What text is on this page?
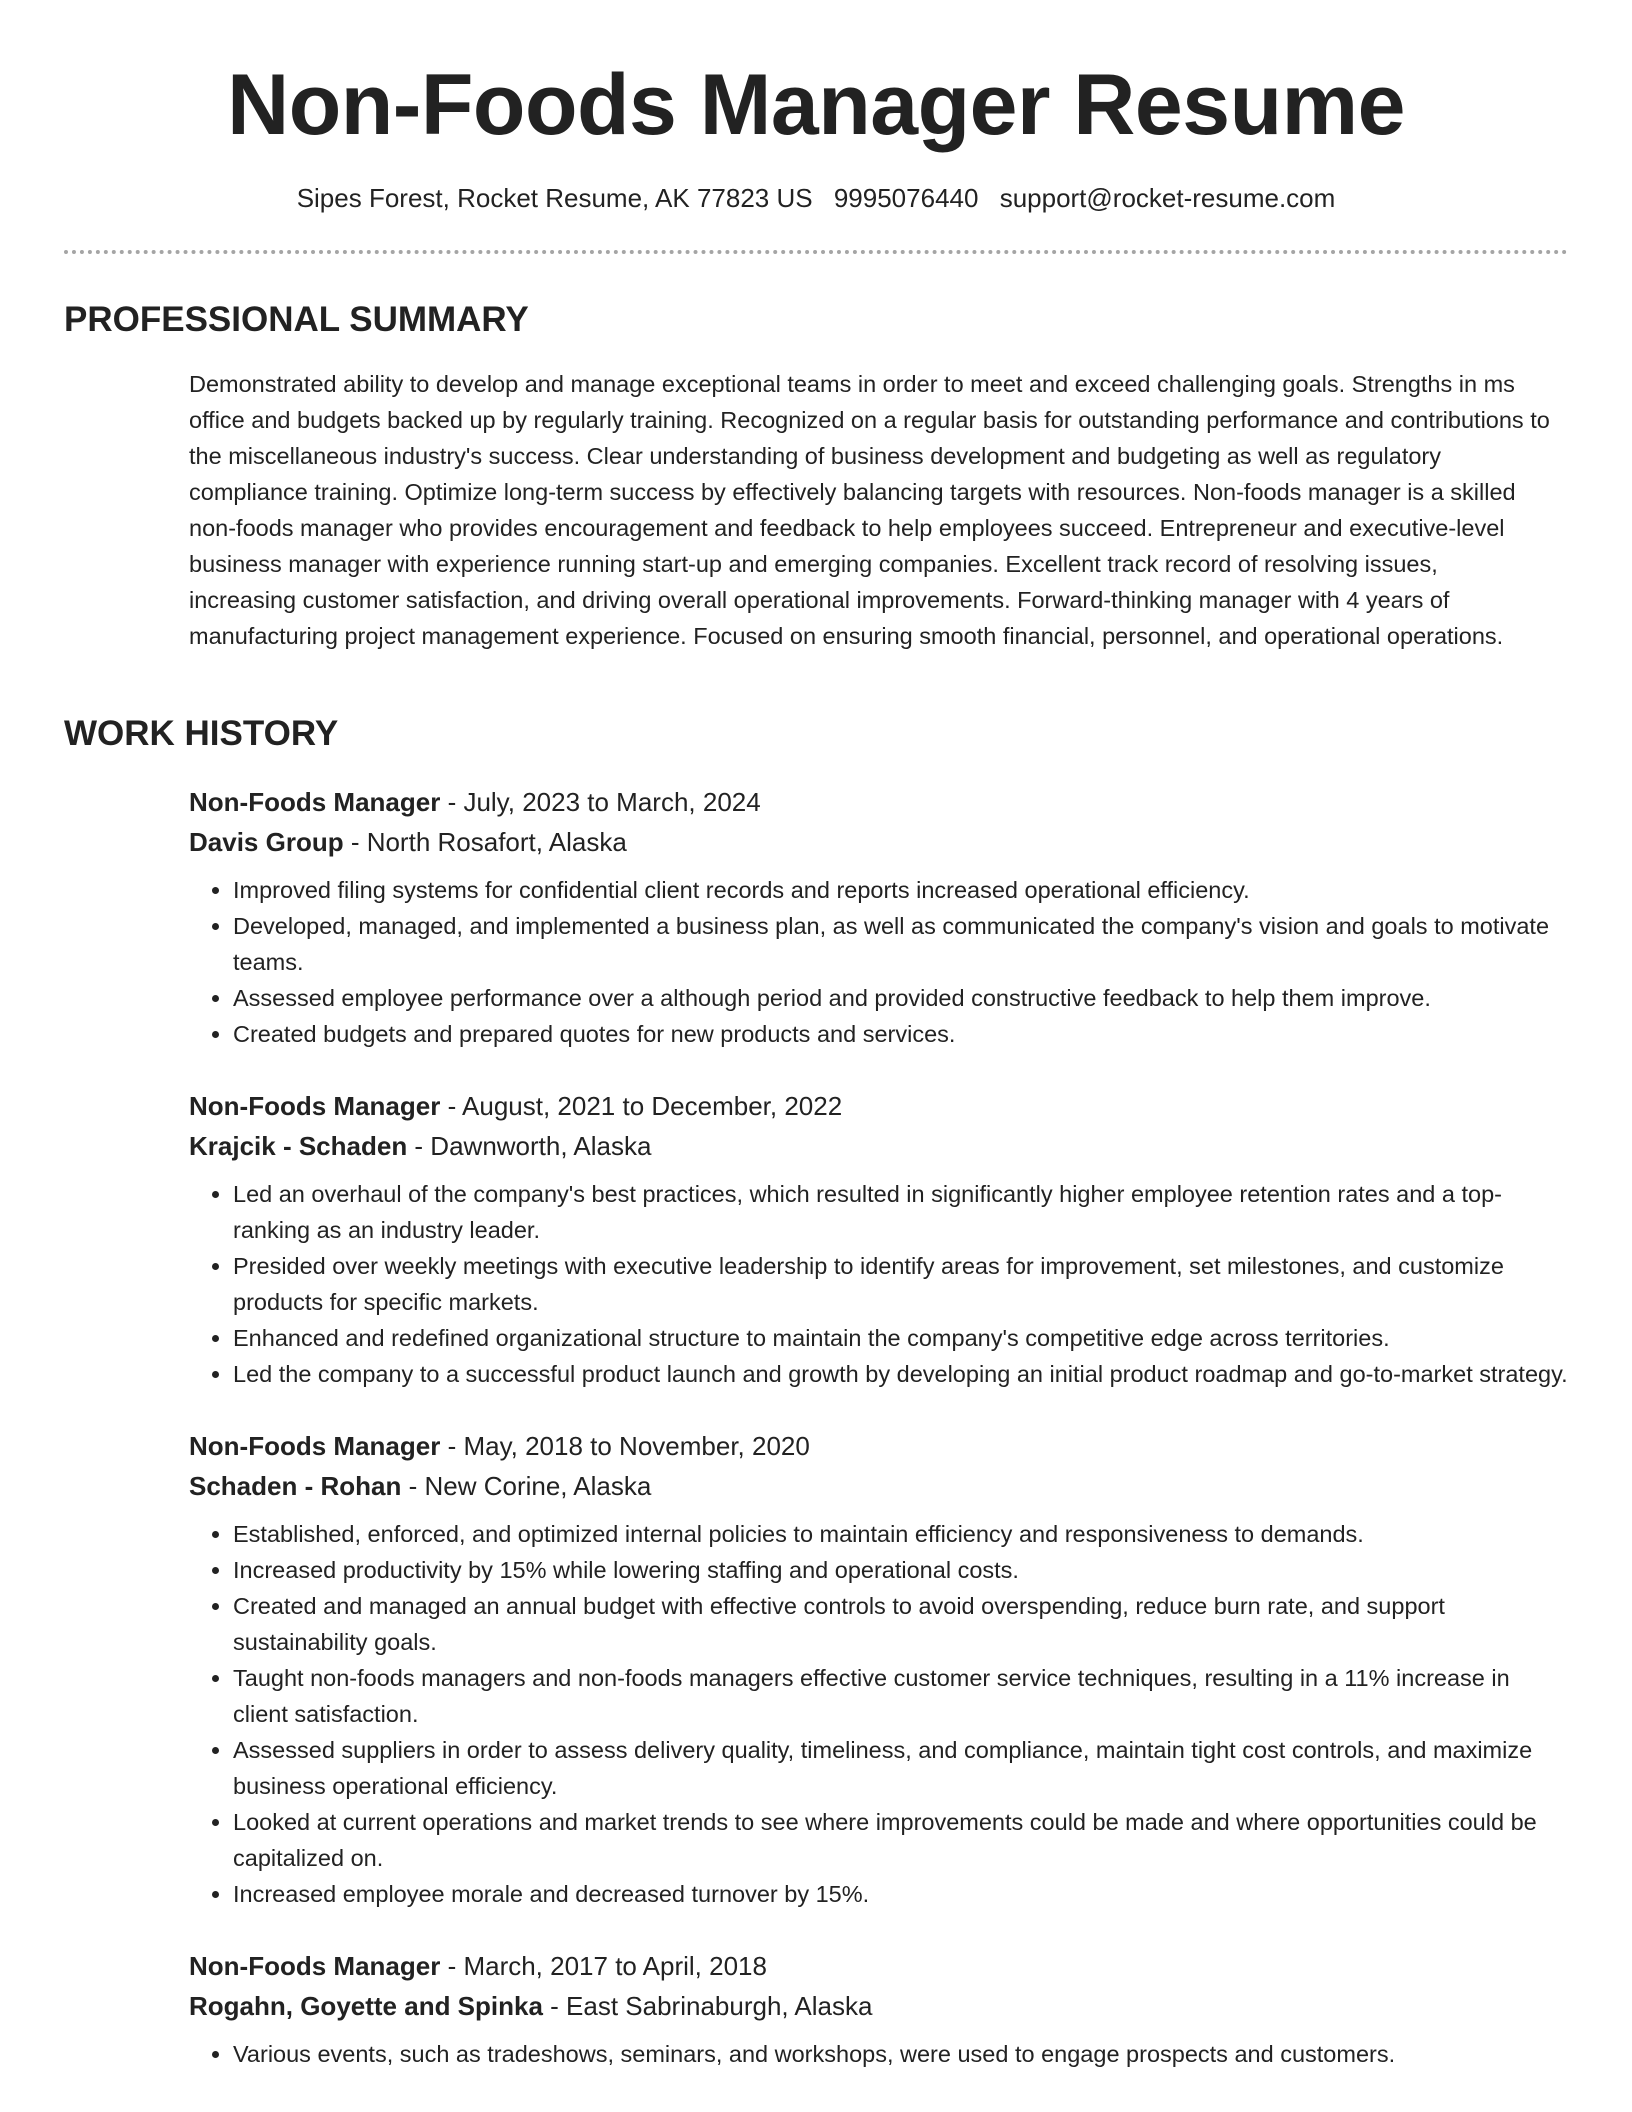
Non-Foods Manager Resume
Sipes Forest, Rocket Resume, AK 77823 US 9995076440 support@rocket-resume.com
PROFESSIONAL SUMMARY

Demonstrated ability to develop and manage exceptional teams in order to meet and exceed challenging goals. Strengths in ms office and budgets backed up by regularly training. Recognized on a regular basis for outstanding performance and contributions to the miscellaneous industry's success. Clear understanding of business development and budgeting as well as regulatory compliance training. Optimize long-term success by effectively balancing targets with resources. Non-foods manager is a skilled non-foods manager who provides encouragement and feedback to help employees succeed. Entrepreneur and executive-level business manager with experience running start-up and emerging companies. Excellent track record of resolving issues, increasing customer satisfaction, and driving overall operational improvements. Forward-thinking manager with 4 years of manufacturing project management experience. Focused on ensuring smooth financial, personnel, and operational operations.

WORK HISTORY

Non-Foods Manager - July, 2023 to March, 2024

Davis Group - North Rosafort, Alaska

• Improved filing systems for confidential client records and reports increased operational efficiency.
• Developed, managed, and implemented a business plan, as well as communicated the company's vision and goals to motivate teams.
• Assessed employee performance over a although period and provided constructive feedback to help them improve.
• Created budgets and prepared quotes for new products and services.

Non-Foods Manager - August, 2021 to December, 2022

Krajcik - Schaden - Dawnworth, Alaska

• Led an overhaul of the company's best practices, which resulted in significantly higher employee retention rates and a top-ranking as an industry leader.
• Presided over weekly meetings with executive leadership to identify areas for improvement, set milestones, and customize products for specific markets.
• Enhanced and redefined organizational structure to maintain the company's competitive edge across territories.
• Led the company to a successful product launch and growth by developing an initial product roadmap and go-to-market strategy.

Non-Foods Manager - May, 2018 to November, 2020

Schaden - Rohan - New Corine, Alaska

• Established, enforced, and optimized internal policies to maintain efficiency and responsiveness to demands.
• Increased productivity by 15% while lowering staffing and operational costs.
• Created and managed an annual budget with effective controls to avoid overspending, reduce burn rate, and support sustainability goals.
• Taught non-foods managers and non-foods managers effective customer service techniques, resulting in a 11% increase in client satisfaction.
• Assessed suppliers in order to assess delivery quality, timeliness, and compliance, maintain tight cost controls, and maximize business operational efficiency.
• Looked at current operations and market trends to see where improvements could be made and where opportunities could be capitalized on.
• Increased employee morale and decreased turnover by 15%.

Non-Foods Manager - March, 2017 to April, 2018

Rogahn, Goyette and Spinka - East Sabrinaburgh, Alaska

• Various events, such as tradeshows, seminars, and workshops, were used to engage prospects and customers.
